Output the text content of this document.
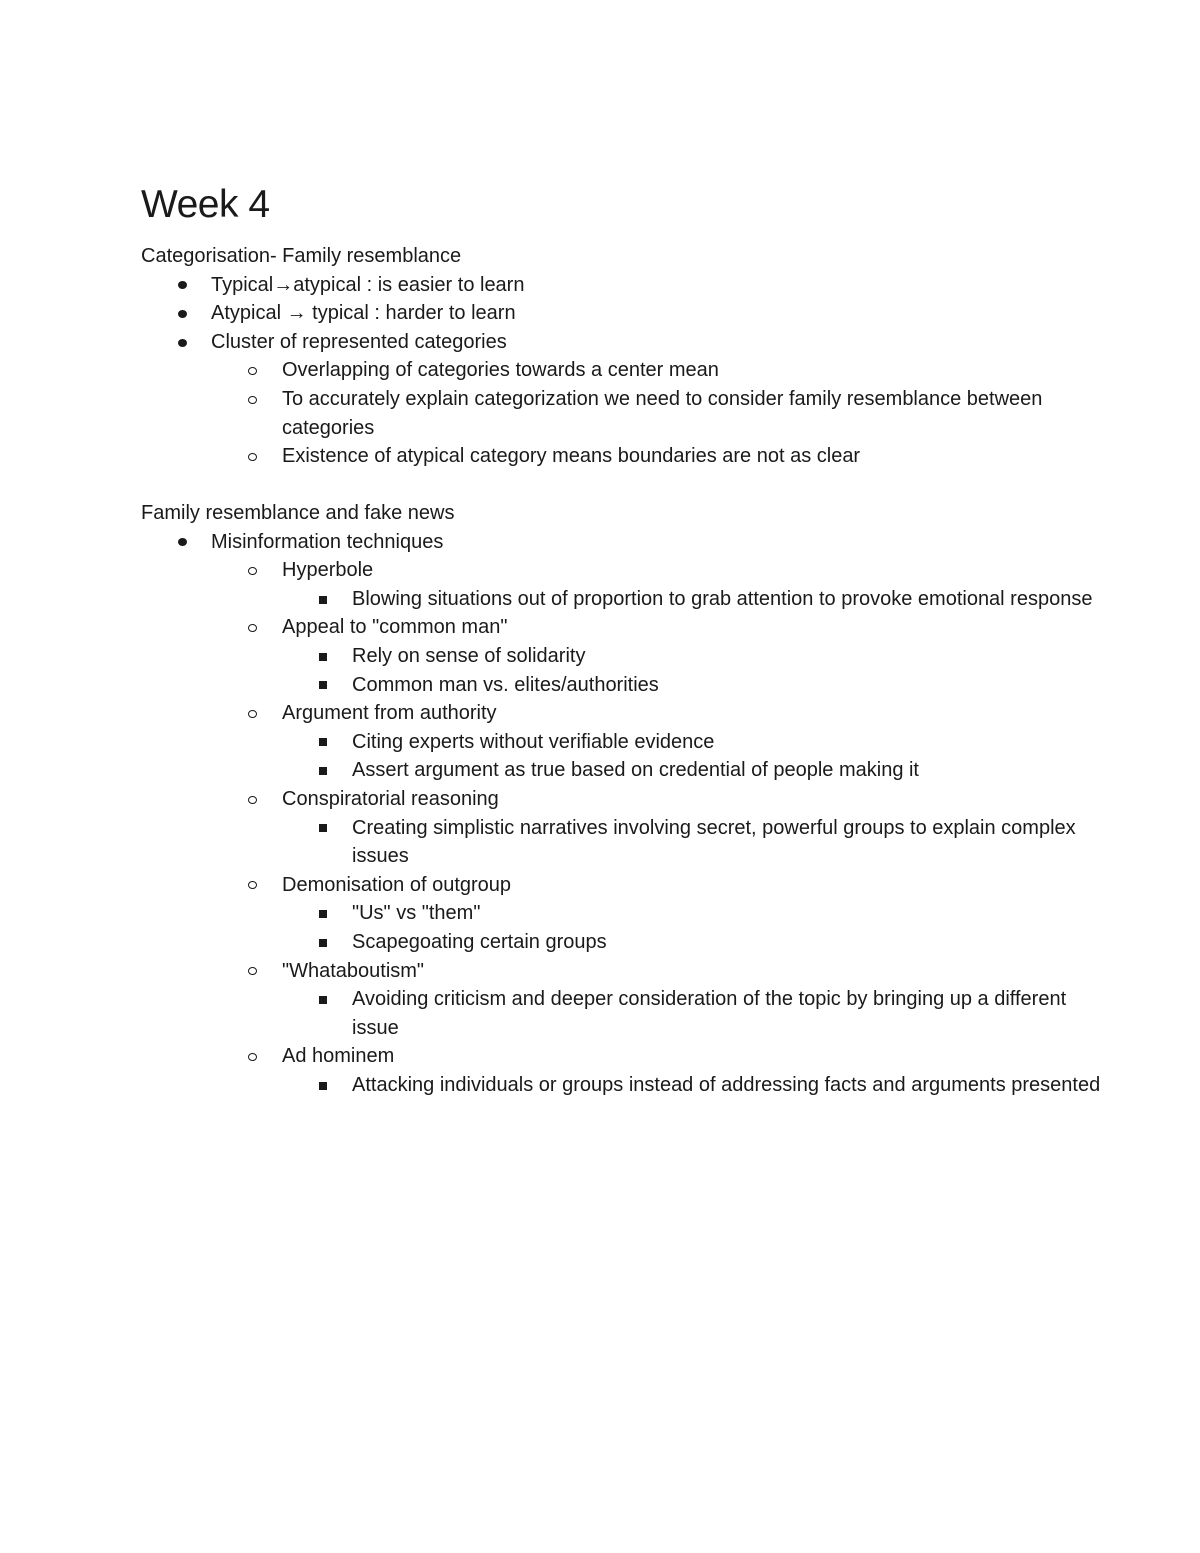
Week 4

Categorisation- Family resemblance

Typical→atypical : is easier to learn
Atypical → typical : harder to learn
Cluster of represented categories
Overlapping of categories towards a center mean
To accurately explain categorization we need to consider family resemblance between categories
Existence of atypical category means boundaries are not as clear

Family resemblance and fake news

Misinformation techniques
Hyperbole
Blowing situations out of proportion to grab attention to provoke emotional response
Appeal to "common man"
Rely on sense of solidarity
Common man vs. elites/authorities
Argument from authority
Citing experts without verifiable evidence
Assert argument as true based on credential of people making it
Conspiratorial reasoning
Creating simplistic narratives involving secret, powerful groups to explain complex issues
Demonisation of outgroup
"Us" vs "them"
Scapegoating certain groups
"Whataboutism"
Avoiding criticism and deeper consideration of the topic by bringing up a different issue
Ad hominem
Attacking individuals or groups instead of addressing facts and arguments presented
